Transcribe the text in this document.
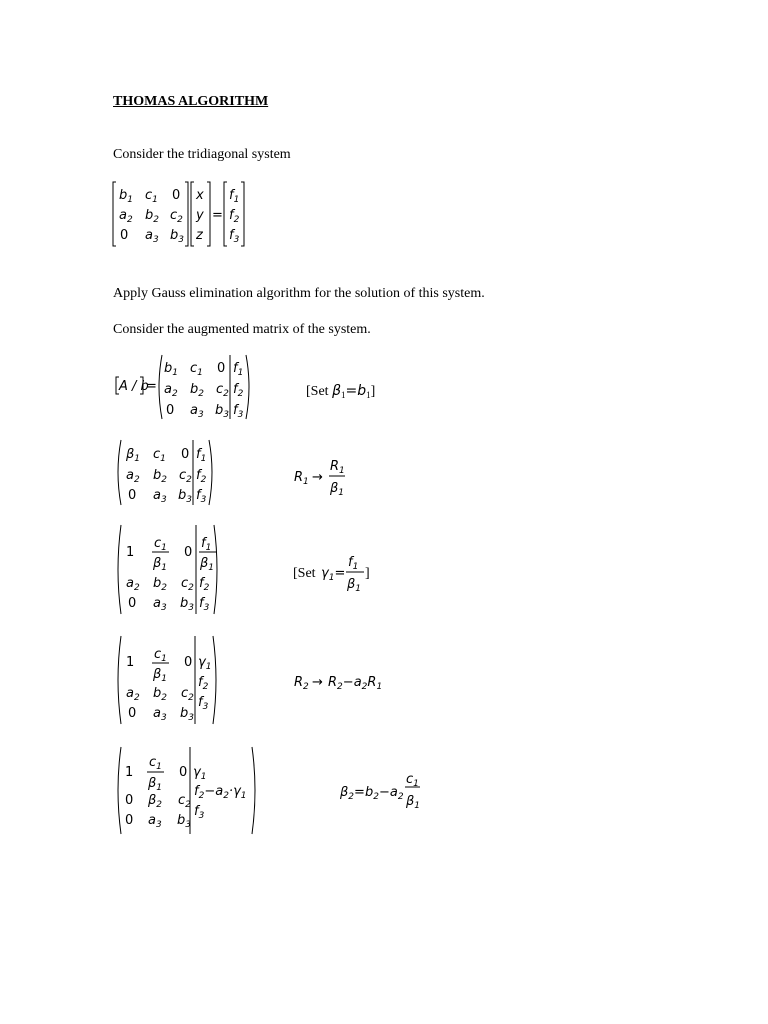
THOMAS ALGORITHM
Consider the tridiagonal system
Apply Gauss elimination algorithm for the solution of this system.
Consider the augmented matrix of the system.
$b_1$ $c_1$ 0
$a_2$ $b_2$ $c_2$
0 $a_3$ $b_3$
x
y
z
=
$f_1$
$f_2$
$f_3$
A / b
=
$b_1$ $c_1$ 0
$a_2$ $b_2$ $c_2$
0 $a_3$ $b_3$
$f_1$
$f_2$
$f_3$
[Set $\beta_1=b_1$]
$\beta_1$ $c_1$ 0
$a_2$ $b_2$ $c_2$
0 $a_3$ $b_3$
$f_1$
$f_2$
$f_3$
$R_1$ →
$R_1$
$\beta_1$
1
$c_1$
$\beta_1$
0
$f_1$
$\beta_1$
$a_2$ $b_2$ $c_2$ $f_2$
0 $a_3$ $b_3$ $f_3$
[Set $\gamma_1=$
$f_1$
$\beta_1$
]
1
$c_1$
$\beta_1$
0 $\gamma_1$
$f_2$
$a_2$ $b_2$ $c_2$ $f_3$
0 $a_3$ $b_3$
$R_2 \to R_2-a_2R_1$
1
$c_1$
$\beta_1$
0 $\gamma_1$
$f_2-a_2\cdot\gamma_1$
0 $\beta_2$ $c_2$ $f_3$
0 $a_3$ $b_3$
$\beta_2=b_2-a_2$
$c_1$
$\beta_1$
